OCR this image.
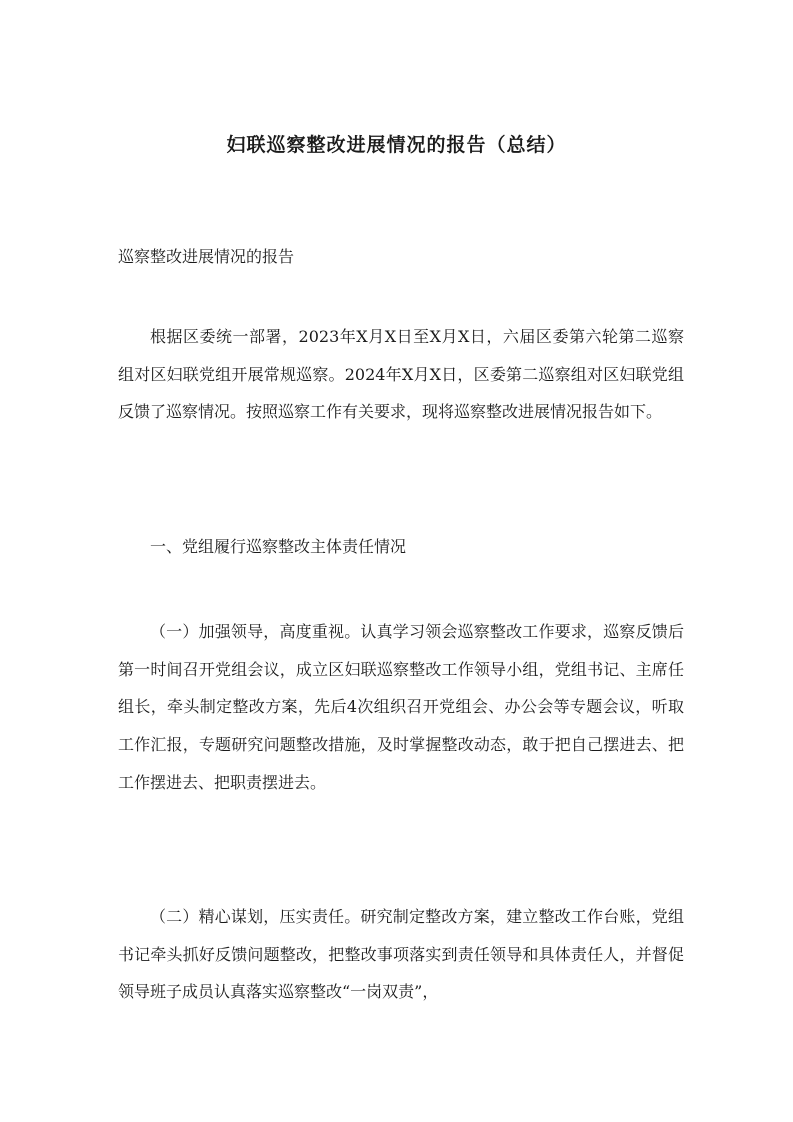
妇联巡察整改进展情况的报告（总结）
巡察整改进展情况的报告

根据区委统一部署，2023年X月X日至X月X日，六届区委第六轮第二巡察组对区妇联党组开展常规巡察。2024年X月X日，区委第二巡察组对区妇联党组反馈了巡察情况。按照巡察工作有关要求，现将巡察整改进展情况报告如下。

一、党组履行巡察整改主体责任情况

（一）加强领导，高度重视。认真学习领会巡察整改工作要求，巡察反馈后第一时间召开党组会议，成立区妇联巡察整改工作领导小组，党组书记、主席任组长，牵头制定整改方案，先后4次组织召开党组会、办公会等专题会议，听取工作汇报，专题研究问题整改措施，及时掌握整改动态，敢于把自己摆进去、把工作摆进去、把职责摆进去。

（二）精心谋划，压实责任。研究制定整改方案，建立整改工作台账，党组书记牵头抓好反馈问题整改，把整改事项落实到责任领导和具体责任人，并督促领导班子成员认真落实巡察整改“一岗双责”，
